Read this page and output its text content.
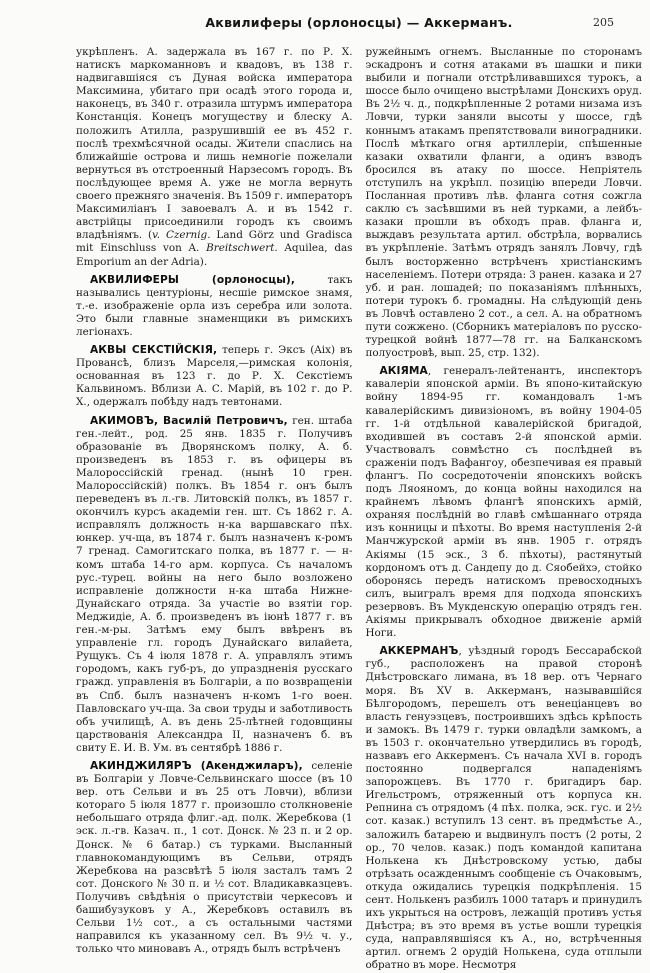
Аквилиферы (орлоносцы) — Аккерманъ.	205

укрѣпленъ. А. задержала въ 167 г. по Р. Х. натискъ маркоманновъ и квадовъ, въ 138 г. надвигавшіяся съ Дуная войска императора Максимина, убитаго при осадѣ этого города и, наконецъ, въ 340 г. отразила штурмъ императора Констанція. Конецъ могуществу и блеску А. положилъ Атилла, разрушившій ее въ 452 г. послѣ трехмѣсячной осады. Жители спаслись на ближайшіе острова и лишь немногіе пожелали вернуться въ отстроенный Нарзесомъ городъ. Въ послѣдующее время А. уже не могла вернуть своего прежняго значенія. Въ 1509 г. императоръ Максимиліанъ I завоевалъ А. и въ 1542 г. австрійцы присоединили городъ къ своимъ владѣніямъ. (v. Czernig. Land Görz und Gradisca mit Einschluss von A. Breitschwert. Aquilea, das Emporium an der Adria).

АКВИЛИФЕРЫ (орлоносцы), такъ назывались центуріоны, несшіе римское знамя, т.-е. изображеніе орла изъ серебра или золота. Это были главные знаменщики въ римскихъ легіонахъ.

АКВЫ СЕКСТІЙСКІЯ, теперь г. Эксъ (Aix) въ Провансѣ, близъ Марселя,—римская колонія, основанная въ 123 г. до Р. Х. Секстіемъ Кальвиномъ. Вблизи А. С. Марій, въ 102 г. до Р. Х., одержалъ побѣду надъ тевтонами.

АКИМОВЪ, Василій Петровичъ, ген. штаба ген.-лейт., род. 25 янв. 1835 г. Получивъ образованіе въ Дворянскомъ полку, А. б. произведенъ въ 1853 г. въ офицеры въ Малороссійскій гренад. (нынѣ 10 грен. Малороссійскій) полкъ. Въ 1854 г. онъ былъ переведенъ въ л.-гв. Литовскій полкъ, въ 1857 г. окончилъ курсъ академіи ген. шт. Съ 1862 г. А. исправлялъ должность н-ка варшавскаго пѣх. юнкер. уч-ща, въ 1874 г. былъ назначенъ к-ромъ 7 гренад. Самогитскаго полка, въ 1877 г. — н-комъ штаба 14-го арм. корпуса. Съ началомъ рус.-турец. войны на него было возложено исправленіе должности н-ка штаба Нижне-Дунайскаго отряда. За участіе во взятіи гор. Меджидіе, А. б. произведенъ въ іюнѣ 1877 г. въ ген.-м-ры. Затѣмъ ему былъ ввѣренъ въ управленіе гл. городъ Дунайскаго вилайета, Рущукъ. Съ 4 іюля 1878 г. А. управлялъ этимъ городомъ, какъ губ-ръ, до упраздненія русскаго гражд. управленія въ Болгаріи, а по возвращеніи въ Спб. былъ назначенъ н-комъ 1-го воен. Павловскаго уч-ща. За свои труды и заботливость объ училищѣ, А. въ день 25-лѣтней годовщины царствованія Александра II, назначенъ б. въ свиту Е. И. В. Ум. въ сентябрѣ 1886 г.

АКИНДЖИЛЯРЪ (Акенджиларъ), селеніе въ Болгаріи у Ловче-Сельвинскаго шоссе (въ 10 вер. отъ Сельви и въ 25 отъ Ловчи), вблизи котораго 5 іюля 1877 г. произошло столкновеніе небольшаго отряда флиг.-ад. полк. Жеребкова (1 эск. л.-гв. Казач. п., 1 сот. Донск. № 23 п. и 2 ор. Донск. № 6 батар.) съ турками. Высланный главнокомандующимъ въ Сельви, отрядъ Жеребкова на разсвѣтѣ 5 іюля засталъ тамъ 2 сот. Донского № 30 п. и ½ сот. Владикавказцевъ. Получивъ свѣдѣнія о присутствіи черкесовъ и башибузуковъ у А., Жеребковъ оставилъ въ Сельви 1½ сот., а съ остальными частями направился къ указанному сел. Въ 9½ ч. у., только что миновавъ А., отрядъ былъ встрѣченъ

ружейнымъ огнемъ. Высланные по сторонамъ эскадронъ и сотня атаками въ шашки и пики выбили и погнали отстрѣливавшихся турокъ, а шоссе было очищено выстрѣлами Донскихъ оруд. Въ 2½ ч. д., подкрѣпленные 2 ротами низама изъ Ловчи, турки заняли высоты у шоссе, гдѣ коннымъ атакамъ препятствовали виноградники. Послѣ мѣткаго огня артиллеріи, спѣшенные казаки охватили фланги, а одинъ взводъ бросился въ атаку по шоссе. Непріятель отступилъ на укрѣпл. позицію впереди Ловчи. Посланная противъ лѣв. фланга сотня сожгла саклю съ засѣвшими въ ней турками, а лейбъ-казаки прошли въ обходъ прав. фланга и, выждавъ результата артил. обстрѣла, ворвались въ укрѣпленіе. Затѣмъ отрядъ занялъ Ловчу, гдѣ былъ восторженно встрѣченъ христіанскимъ населеніемъ. Потери отряда: 3 ранен. казака и 27 уб. и ран. лошадей; по показаніямъ плѣнныхъ, потери турокъ б. громадны. На слѣдующій день въ Ловчѣ оставлено 2 сот., а сел. А. на обратномъ пути сожжено. (Сборникъ матеріаловъ по русско-турецкой войнѣ 1877—78 гг. на Балканскомъ полуостровѣ, вып. 25, стр. 132).

АКІЯМА, генералъ-лейтенантъ, инспекторъ кавалеріи японской арміи. Въ японо-китайскую войну 1894-95 гг. командовалъ 1-мъ кавалерійскимъ дивизіономъ, въ войну 1904-05 гг. 1-й отдѣльной кавалерійской бригадой, входившей въ составъ 2-й японской арміи. Участвовалъ совмѣстно съ послѣдней въ сраженіи подъ Вафангоу, обезпечивая ея правый флангъ. По сосредоточеніи японскихъ войскъ подъ Ляояномъ, до конца войны находился на крайнемъ лѣвомъ флангѣ японскихъ армій, охраняя послѣдній во главѣ смѣшаннаго отряда изъ конницы и пѣхоты. Во время наступленія 2-й Манчжурской арміи въ янв. 1905 г. отрядъ Акіямы (15 эск., 3 б. пѣхоты), растянутый кордономъ отъ д. Сандепу до д. Сяобейхэ, стойко оборонясь передъ натискомъ превосходныхъ силъ, выигралъ время для подхода японскихъ резервовъ. Въ Мукденскую операцію отрядъ ген. Акіямы прикрывалъ обходное движеніе армій Ноги.

АККЕРМАНЪ, уѣздный городъ Бессарабской губ., расположенъ на правой сторонѣ Днѣстровскаго лимана, въ 18 вер. отъ Чернаго моря. Въ XV в. Аккерманъ, называвшійся Бѣлгородомъ, перешелъ отъ венеціанцевъ во власть генуэзцевъ, построившихъ здѣсь крѣпость и замокъ. Въ 1479 г. турки овладѣли замкомъ, а въ 1503 г. окончательно утвердились въ городѣ, назвавъ его Аккерменъ. Съ начала XVI в. городъ постоянно подвергался нападеніямъ запорожцевъ. Въ 1770 г. бригадиръ бар. Игельстромъ, отряженный отъ корпуса кн. Репнина съ отрядомъ (4 пѣх. полка, эск. гус. и 2½ сот. казак.) вступилъ 13 сент. въ предмѣстье А., заложилъ батарею и выдвинулъ постъ (2 роты, 2 ор., 70 челов. казак.) подъ командой капитана Нолькена къ Днѣстровскому устью, дабы отрѣзать осажденнымъ сообщеніе съ Очаковымъ, откуда ожидались турецкія подкрѣпленія. 15 сент. Нолькенъ разбилъ 1000 татаръ и принудилъ ихъ укрыться на островъ, лежащій противъ устья Днѣстра; въ это время въ устье вошли турецкія суда, направлявшіяся къ А., но, встрѣченныя артил. огнемъ 2 орудій Нолькена, суда отплыли обратно въ море. Несмотря
